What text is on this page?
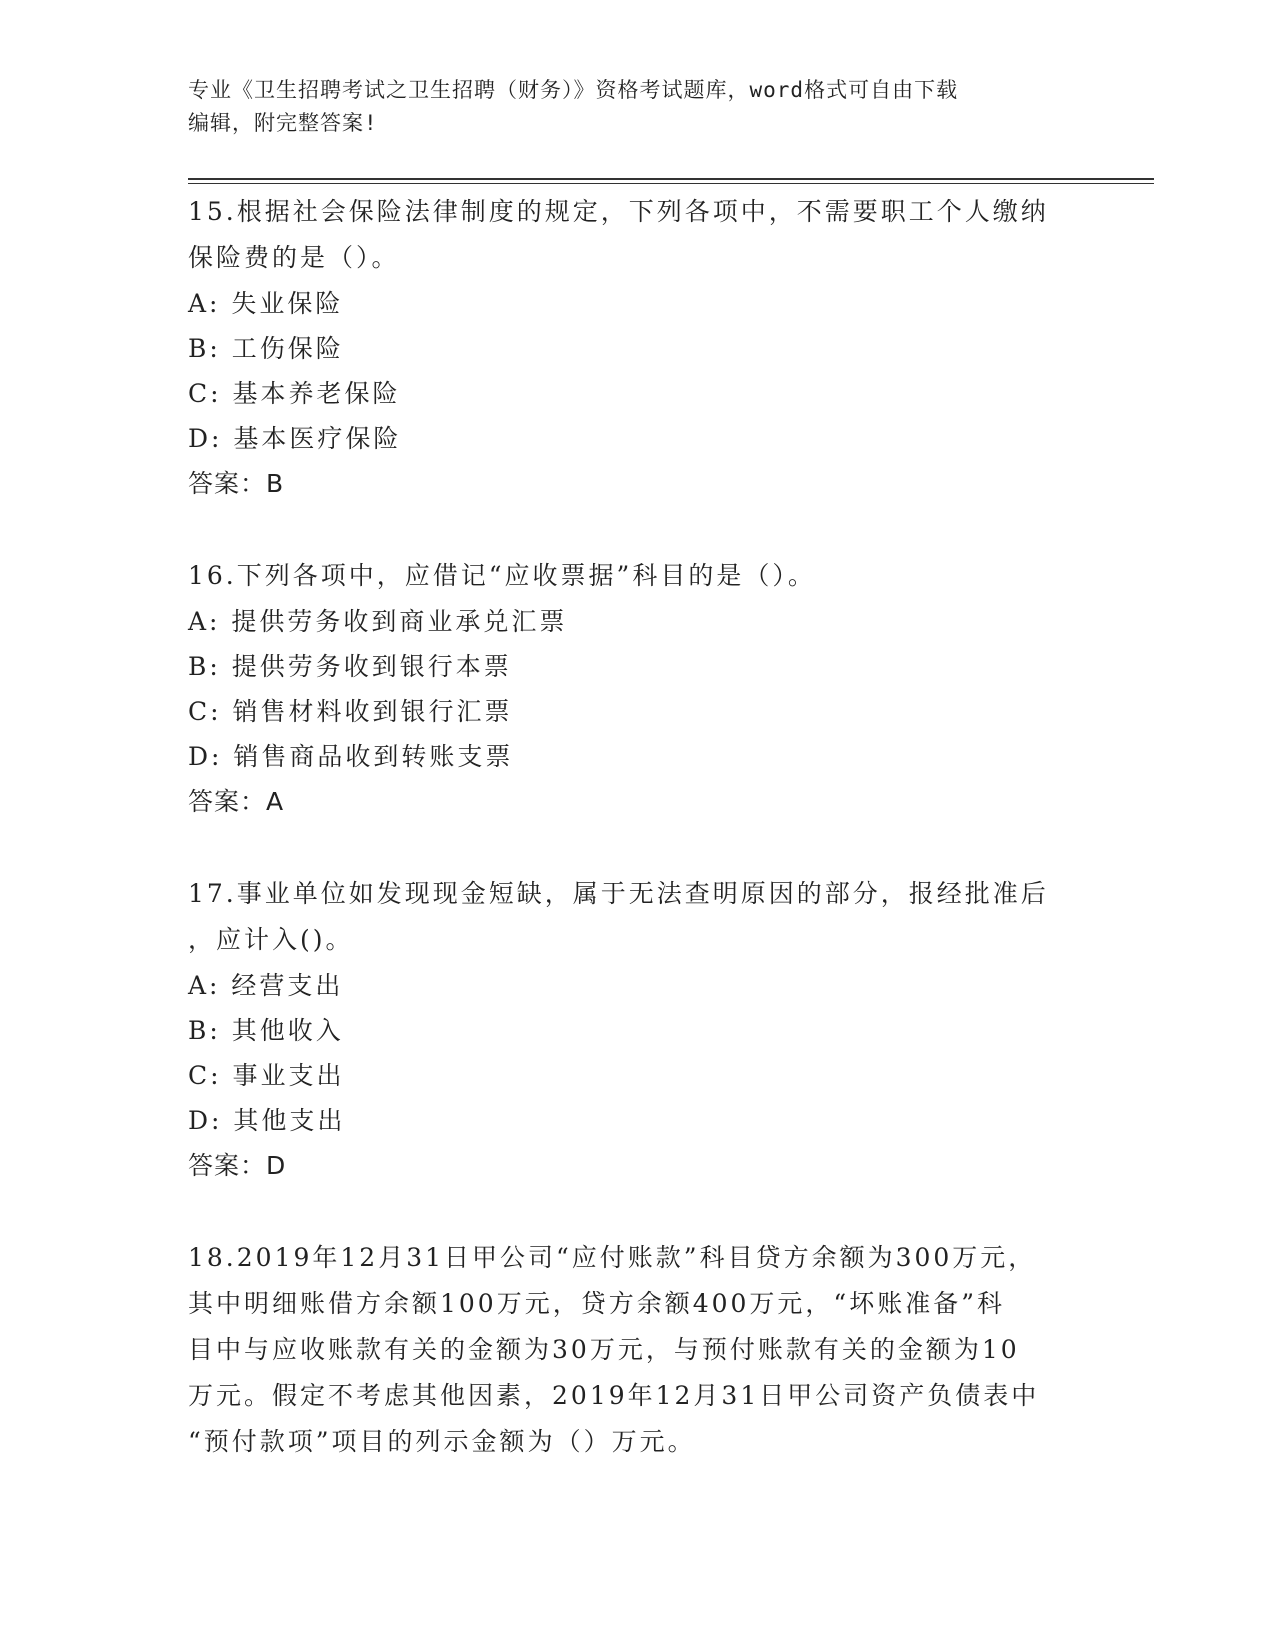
专业《卫生招聘考试之卫生招聘（财务）》资格考试题库，word格式可自由下载
编辑，附完整答案!

15.根据社会保险法律制度的规定，下列各项中，不需要职工个人缴纳

保险费的是（）。

A: 失业保险

B: 工伤保险

C: 基本养老保险

D: 基本医疗保险

答案：B

16.下列各项中，应借记“应收票据”科目的是（）。

A: 提供劳务收到商业承兑汇票

B: 提供劳务收到银行本票

C: 销售材料收到银行汇票

D: 销售商品收到转账支票

答案：A

17.事业单位如发现现金短缺，属于无法查明原因的部分，报经批准后

，应计入()。

A: 经营支出

B: 其他收入

C: 事业支出

D: 其他支出

答案：D

18.2019年12月31日甲公司“应付账款”科目贷方余额为300万元，

其中明细账借方余额100万元，贷方余额400万元，“坏账准备”科

目中与应收账款有关的金额为30万元，与预付账款有关的金额为10

万元。假定不考虑其他因素，2019年12月31日甲公司资产负债表中

“预付款项”项目的列示金额为（）万元。
